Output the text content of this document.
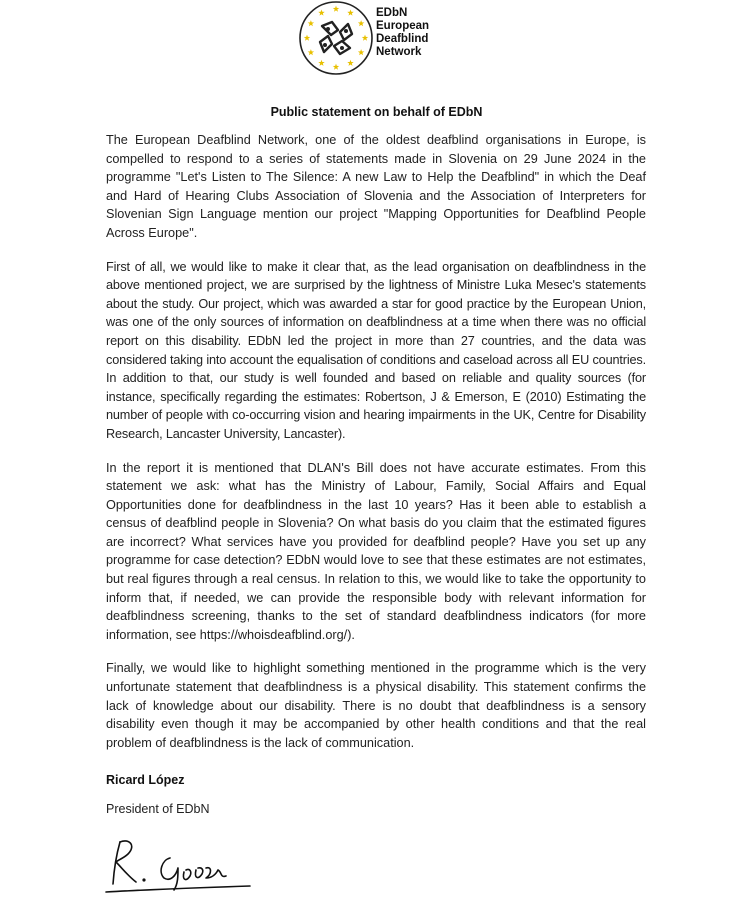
EDbN
European
Deafblind
Network
Public statement on behalf of EDbN

The European Deafblind Network, one of the oldest deafblind organisations in Europe, is compelled to respond to a series of statements made in Slovenia on 29 June 2024 in the programme "Let's Listen to The Silence: A new Law to Help the Deafblind" in which the Deaf and Hard of Hearing Clubs Association of Slovenia and the Association of Interpreters for Slovenian Sign Language mention our project "Mapping Opportunities for Deafblind People Across Europe".

First of all, we would like to make it clear that, as the lead organisation on deafblindness in the above mentioned project, we are surprised by the lightness of Ministre Luka Mesec's statements about the study. Our project, which was awarded a star for good practice by the European Union, was one of the only sources of information on deafblindness at a time when there was no official report on this disability. EDbN led the project in more than 27 countries, and the data was considered taking into account the equalisation of conditions and caseload across all EU countries. In addition to that, our study is well founded and based on reliable and quality sources (for instance, specifically regarding the estimates: Robertson, J & Emerson, E (2010) Estimating the number of people with co-occurring vision and hearing impairments in the UK, Centre for Disability Research, Lancaster University, Lancaster).

In the report it is mentioned that DLAN's Bill does not have accurate estimates. From this statement we ask: what has the Ministry of Labour, Family, Social Affairs and Equal Opportunities done for deafblindness in the last 10 years? Has it been able to establish a census of deafblind people in Slovenia? On what basis do you claim that the estimated figures are incorrect? What services have you provided for deafblind people? Have you set up any programme for case detection? EDbN would love to see that these estimates are not estimates, but real figures through a real census. In relation to this, we would like to take the opportunity to inform that, if needed, we can provide the responsible body with relevant information for deafblindness screening, thanks to the set of standard deafblindness indicators (for more information, see https://whoisdeafblind.org/).

Finally, we would like to highlight something mentioned in the programme which is the very unfortunate statement that deafblindness is a physical disability. This statement confirms the lack of knowledge about our disability. There is no doubt that deafblindness is a sensory disability even though it may be accompanied by other health conditions and that the real problem of deafblindness is the lack of communication.

Ricard López
President of EDbN
